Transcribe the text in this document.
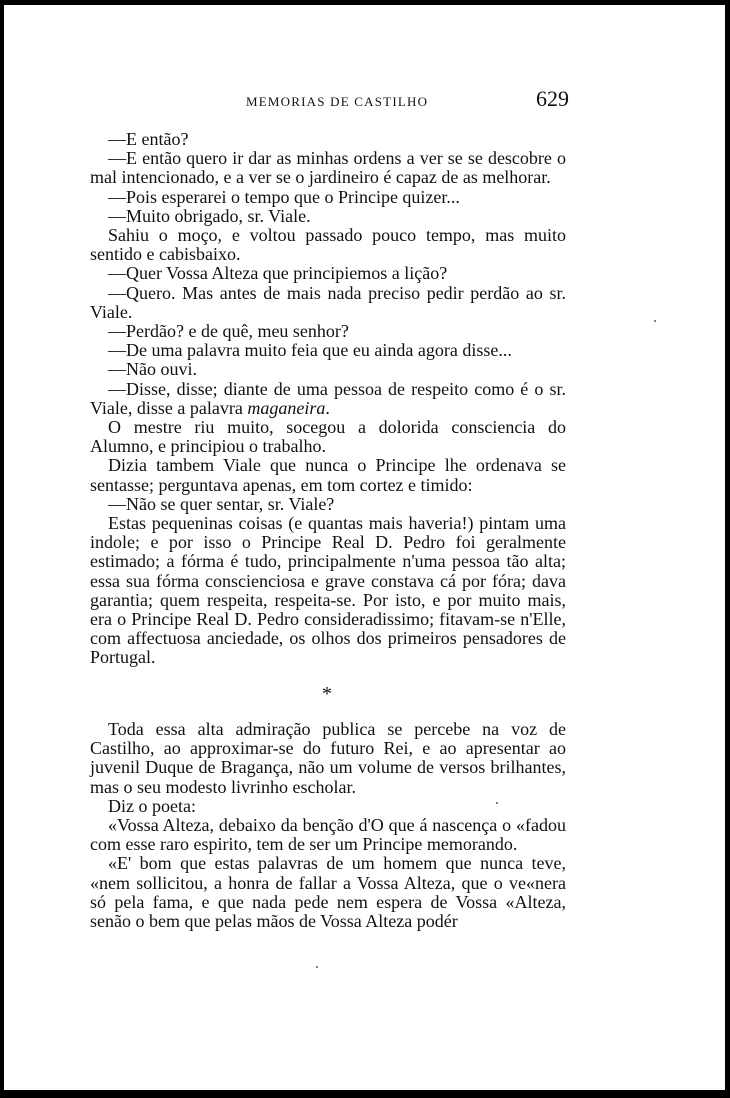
MEMORIAS DE CASTILHO	629

—E então?

—E então quero ir dar as minhas ordens a ver se se descobre o mal intencionado, e a ver se o jardineiro é capaz de as melhorar.

—Pois esperarei o tempo que o Principe quizer...

—Muito obrigado, sr. Viale.

Sahiu o moço, e voltou passado pouco tempo, mas muito sentido e cabisbaixo.

—Quer Vossa Alteza que principiemos a lição?

—Quero. Mas antes de mais nada preciso pedir perdão ao sr. Viale.

—Perdão? e de quê, meu senhor?

—De uma palavra muito feia que eu ainda agora disse...

—Não ouvi.

—Disse, disse; diante de uma pessoa de respeito como é o sr. Viale, disse a palavra maganeira.

O mestre riu muito, socegou a dolorida consciencia do Alumno, e principiou o trabalho.

Dizia tambem Viale que nunca o Principe lhe ordenava se sentasse; perguntava apenas, em tom cortez e timido:

—Não se quer sentar, sr. Viale?

Estas pequeninas coisas (e quantas mais haveria!) pintam uma indole; e por isso o Principe Real D. Pedro foi geralmente estimado; a fórma é tudo, principalmente n'uma pessoa tão alta; essa sua fórma conscienciosa e grave constava cá por fóra; dava garantia; quem respeita, respeita-se. Por isto, e por muito mais, era o Principe Real D. Pedro consideradissimo; fitavam-se n'Elle, com affectuosa anciedade, os olhos dos primeiros pensadores de Portugal.

*

Toda essa alta admiração publica se percebe na voz de Castilho, ao approximar-se do futuro Rei, e ao apresentar ao juvenil Duque de Bragança, não um volume de versos brilhantes, mas o seu modesto livrinho escholar.

Diz o poeta:

«Vossa Alteza, debaixo da benção d'O que á nascença o «fadou com esse raro espirito, tem de ser um Principe memorando.

«E' bom que estas palavras de um homem que nunca teve, «nem sollicitou, a honra de fallar a Vossa Alteza, que o ve«nera só pela fama, e que nada pede nem espera de Vossa «Alteza, senão o bem que pelas mãos de Vossa Alteza podér
